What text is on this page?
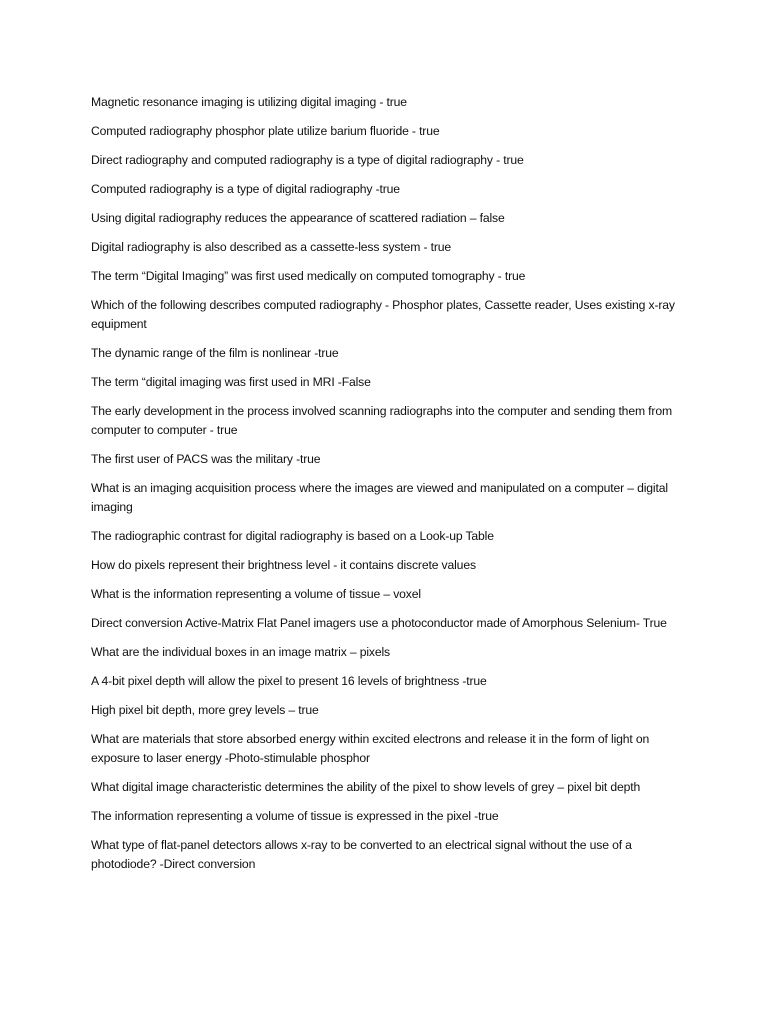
Magnetic resonance imaging is utilizing digital imaging - true

Computed radiography phosphor plate utilize barium fluoride - true

Direct radiography and computed radiography is a type of digital radiography - true

Computed radiography is a type of digital radiography -true

Using digital radiography reduces the appearance of scattered radiation – false

Digital radiography is also described as a cassette-less system - true

The term “Digital Imaging” was first used medically on computed tomography - true

Which of the following describes computed radiography - Phosphor plates, Cassette reader, Uses existing x-ray equipment

The dynamic range of the film is nonlinear -true

The term “digital imaging was first used in MRI -False

The early development in the process involved scanning radiographs into the computer and sending them from computer to computer - true

The first user of PACS was the military -true

What is an imaging acquisition process where the images are viewed and manipulated on a computer – digital imaging

The radiographic contrast for digital radiography is based on a Look-up Table

How do pixels represent their brightness level - it contains discrete values

What is the information representing a volume of tissue – voxel

Direct conversion Active-Matrix Flat Panel imagers use a photoconductor made of Amorphous Selenium- True

What are the individual boxes in an image matrix – pixels

A 4-bit pixel depth will allow the pixel to present 16 levels of brightness -true

High pixel bit depth, more grey levels – true

What are materials that store absorbed energy within excited electrons and release it in the form of light on exposure to laser energy -Photo-stimulable phosphor

What digital image characteristic determines the ability of the pixel to show levels of grey – pixel bit depth

The information representing a volume of tissue is expressed in the pixel -true

What type of flat-panel detectors allows x-ray to be converted to an electrical signal without the use of a photodiode? -Direct conversion
